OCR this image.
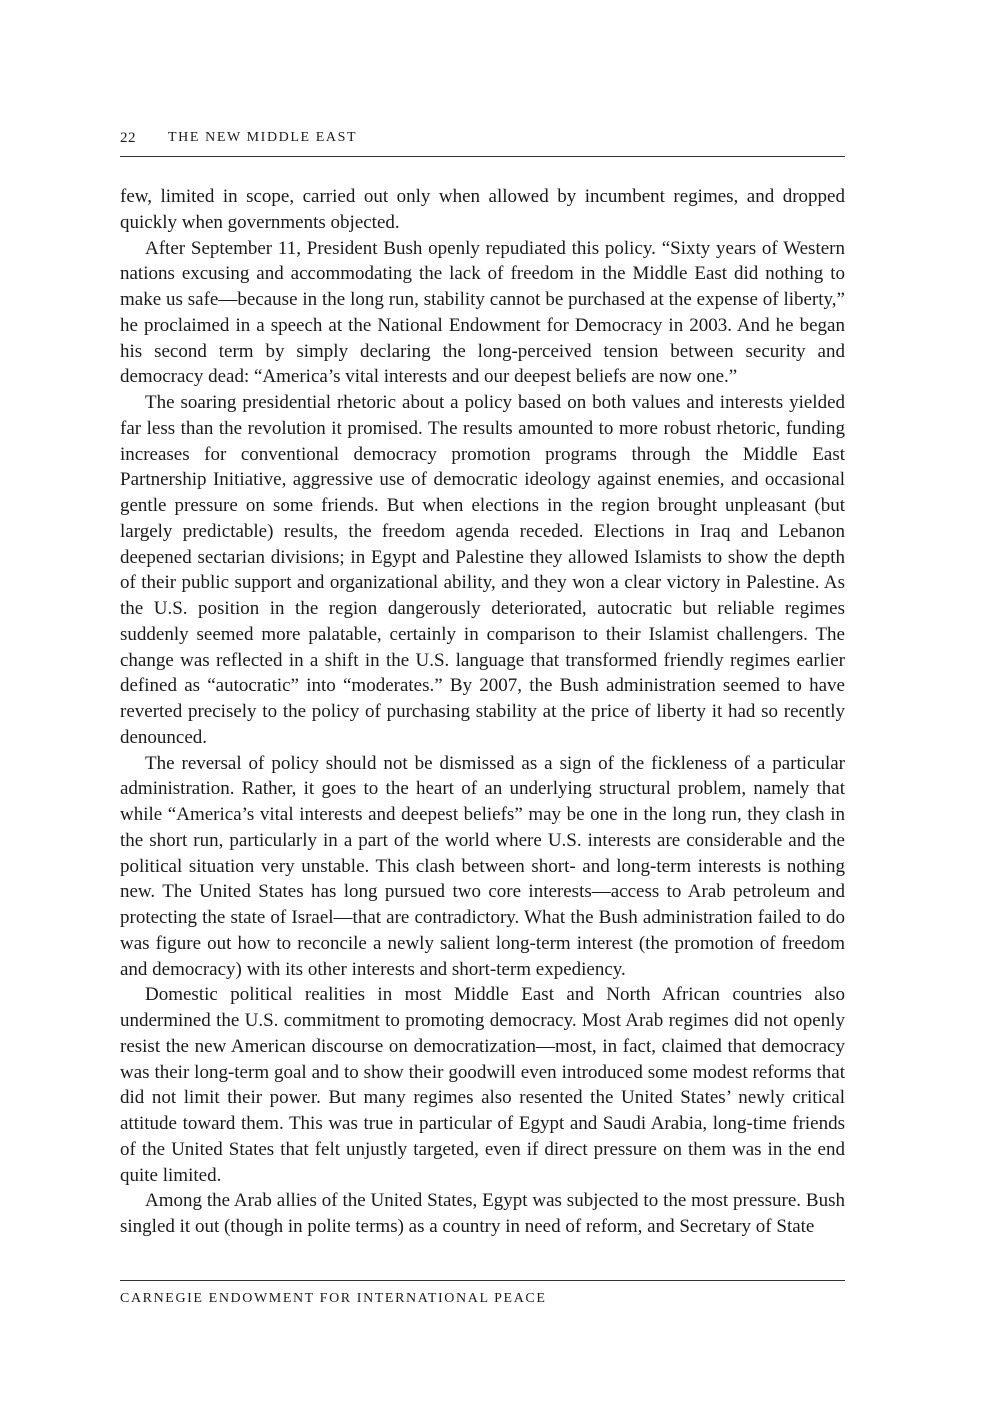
22 THE NEW MIDDLE EAST

few, limited in scope, carried out only when allowed by incumbent regimes, and dropped quickly when governments objected.

After September 11, President Bush openly repudiated this policy. “Sixty years of Western nations excusing and accommodating the lack of freedom in the Middle East did nothing to make us safe—because in the long run, stability cannot be purchased at the expense of liberty,” he proclaimed in a speech at the National Endowment for Democracy in 2003. And he began his second term by simply declaring the long-perceived tension between security and democracy dead: “America’s vital interests and our deepest beliefs are now one.”

The soaring presidential rhetoric about a policy based on both values and interests yielded far less than the revolution it promised. The results amounted to more robust rhetoric, funding increases for conventional democracy promotion programs through the Middle East Partnership Initiative, aggressive use of democratic ideology against enemies, and occasional gentle pressure on some friends. But when elections in the region brought unpleasant (but largely predictable) results, the freedom agenda receded. Elections in Iraq and Lebanon deepened sectarian divisions; in Egypt and Palestine they allowed Islamists to show the depth of their public support and organizational ability, and they won a clear victory in Palestine. As the U.S. position in the region dangerously deteriorated, autocratic but reliable regimes suddenly seemed more palatable, certainly in comparison to their Islamist challengers. The change was reflected in a shift in the U.S. language that transformed friendly regimes earlier defined as “autocratic” into “moderates.” By 2007, the Bush administration seemed to have reverted precisely to the policy of purchasing stability at the price of liberty it had so recently denounced.

The reversal of policy should not be dismissed as a sign of the fickleness of a particular administration. Rather, it goes to the heart of an underlying structural problem, namely that while “America’s vital interests and deepest beliefs” may be one in the long run, they clash in the short run, particularly in a part of the world where U.S. interests are considerable and the political situation very unstable. This clash between short- and long-term interests is nothing new. The United States has long pursued two core interests—access to Arab petroleum and protecting the state of Israel—that are contradictory. What the Bush administration failed to do was figure out how to reconcile a newly salient long-term interest (the promotion of freedom and democracy) with its other interests and short-term expediency.

Domestic political realities in most Middle East and North African countries also undermined the U.S. commitment to promoting democracy. Most Arab regimes did not openly resist the new American discourse on democratization—most, in fact, claimed that democracy was their long-term goal and to show their goodwill even introduced some modest reforms that did not limit their power. But many regimes also resented the United States’ newly critical attitude toward them. This was true in particular of Egypt and Saudi Arabia, long-time friends of the United States that felt unjustly targeted, even if direct pressure on them was in the end quite limited.

Among the Arab allies of the United States, Egypt was subjected to the most pressure. Bush singled it out (though in polite terms) as a country in need of reform, and Secretary of State

CARNEGIE ENDOWMENT FOR INTERNATIONAL PEACE
